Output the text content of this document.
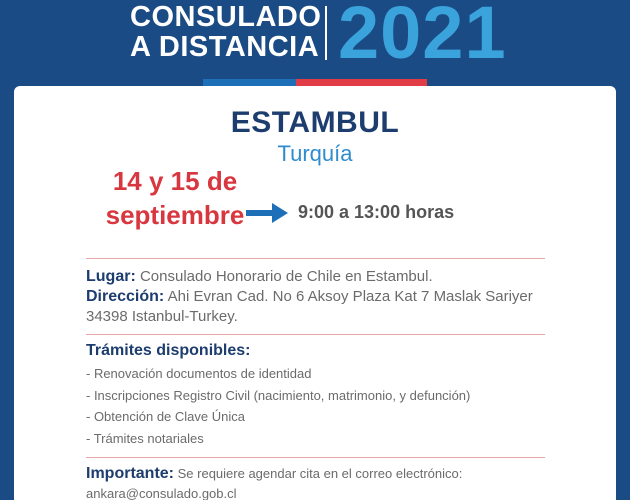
CONSULADO
A DISTANCIA 2021
ESTAMBUL
Turquía
14 y 15 de
septiembre	9:00 a 13:00 horas
Lugar: Consulado Honorario de Chile en Estambul.
Dirección: Ahi Evran Cad. No 6 Aksoy Plaza Kat 7 Maslak Sariyer 34398 Istanbul-Turkey.
Trámites disponibles:
- Renovación documentos de identidad
- Inscripciones Registro Civil (nacimiento, matrimonio, y defunción)
- Obtención de Clave Única
- Trámites notariales
Importante: Se requiere agendar cita en el correo electrónico:
ankara@consulado.gob.cl
